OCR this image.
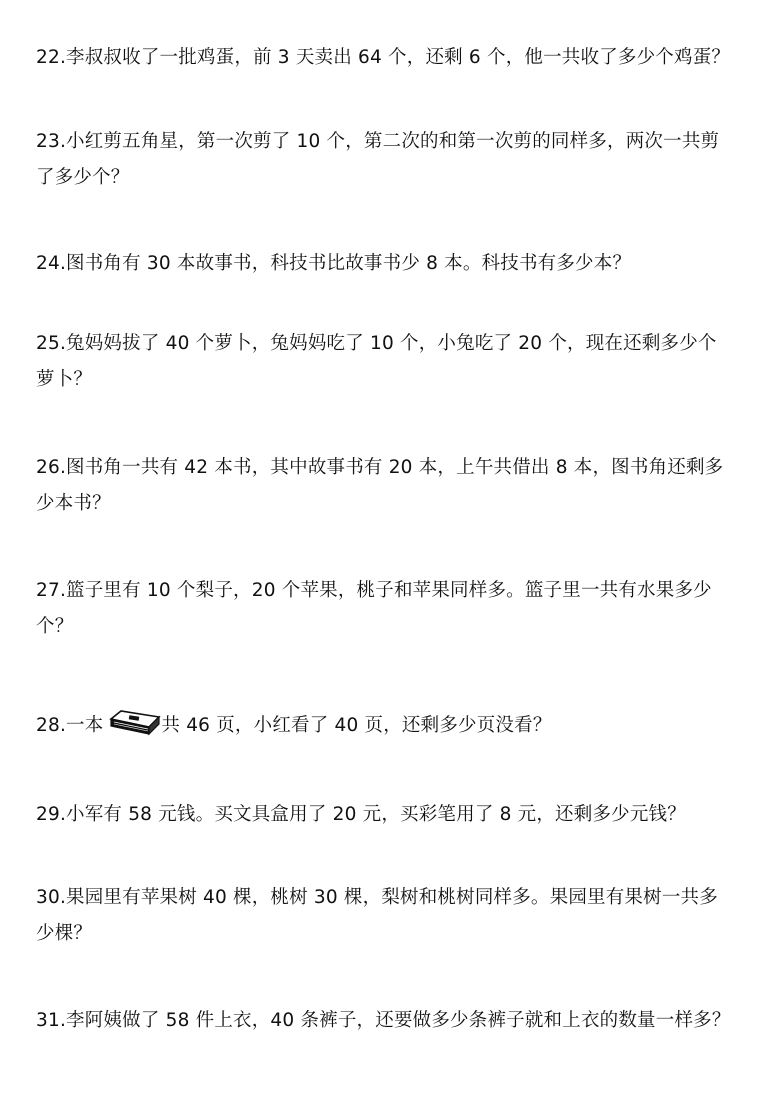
22.李叔叔收了一批鸡蛋，前 3 天卖出 64 个，还剩 6 个，他一共收了多少个鸡蛋？
23.小红剪五角星，第一次剪了 10 个，第二次的和第一次剪的同样多，两次一共剪
了多少个？
24.图书角有 30 本故事书，科技书比故事书少 8 本。科技书有多少本？
25.兔妈妈拔了 40 个萝卜，兔妈妈吃了 10 个，小兔吃了 20 个，现在还剩多少个
萝卜？
26.图书角一共有 42 本书，其中故事书有 20 本，上午共借出 8 本，图书角还剩多
少本书？
27.篮子里有 10 个梨子，20 个苹果，桃子和苹果同样多。篮子里一共有水果多少
个？
28.一本	共 46 页，小红看了 40 页，还剩多少页没看？
29.小军有 58 元钱。买文具盒用了 20 元，买彩笔用了 8 元，还剩多少元钱？
30.果园里有苹果树 40 棵，桃树 30 棵，梨树和桃树同样多。果园里有果树一共多
少棵？
31.李阿姨做了 58 件上衣，40 条裤子，还要做多少条裤子就和上衣的数量一样多？
